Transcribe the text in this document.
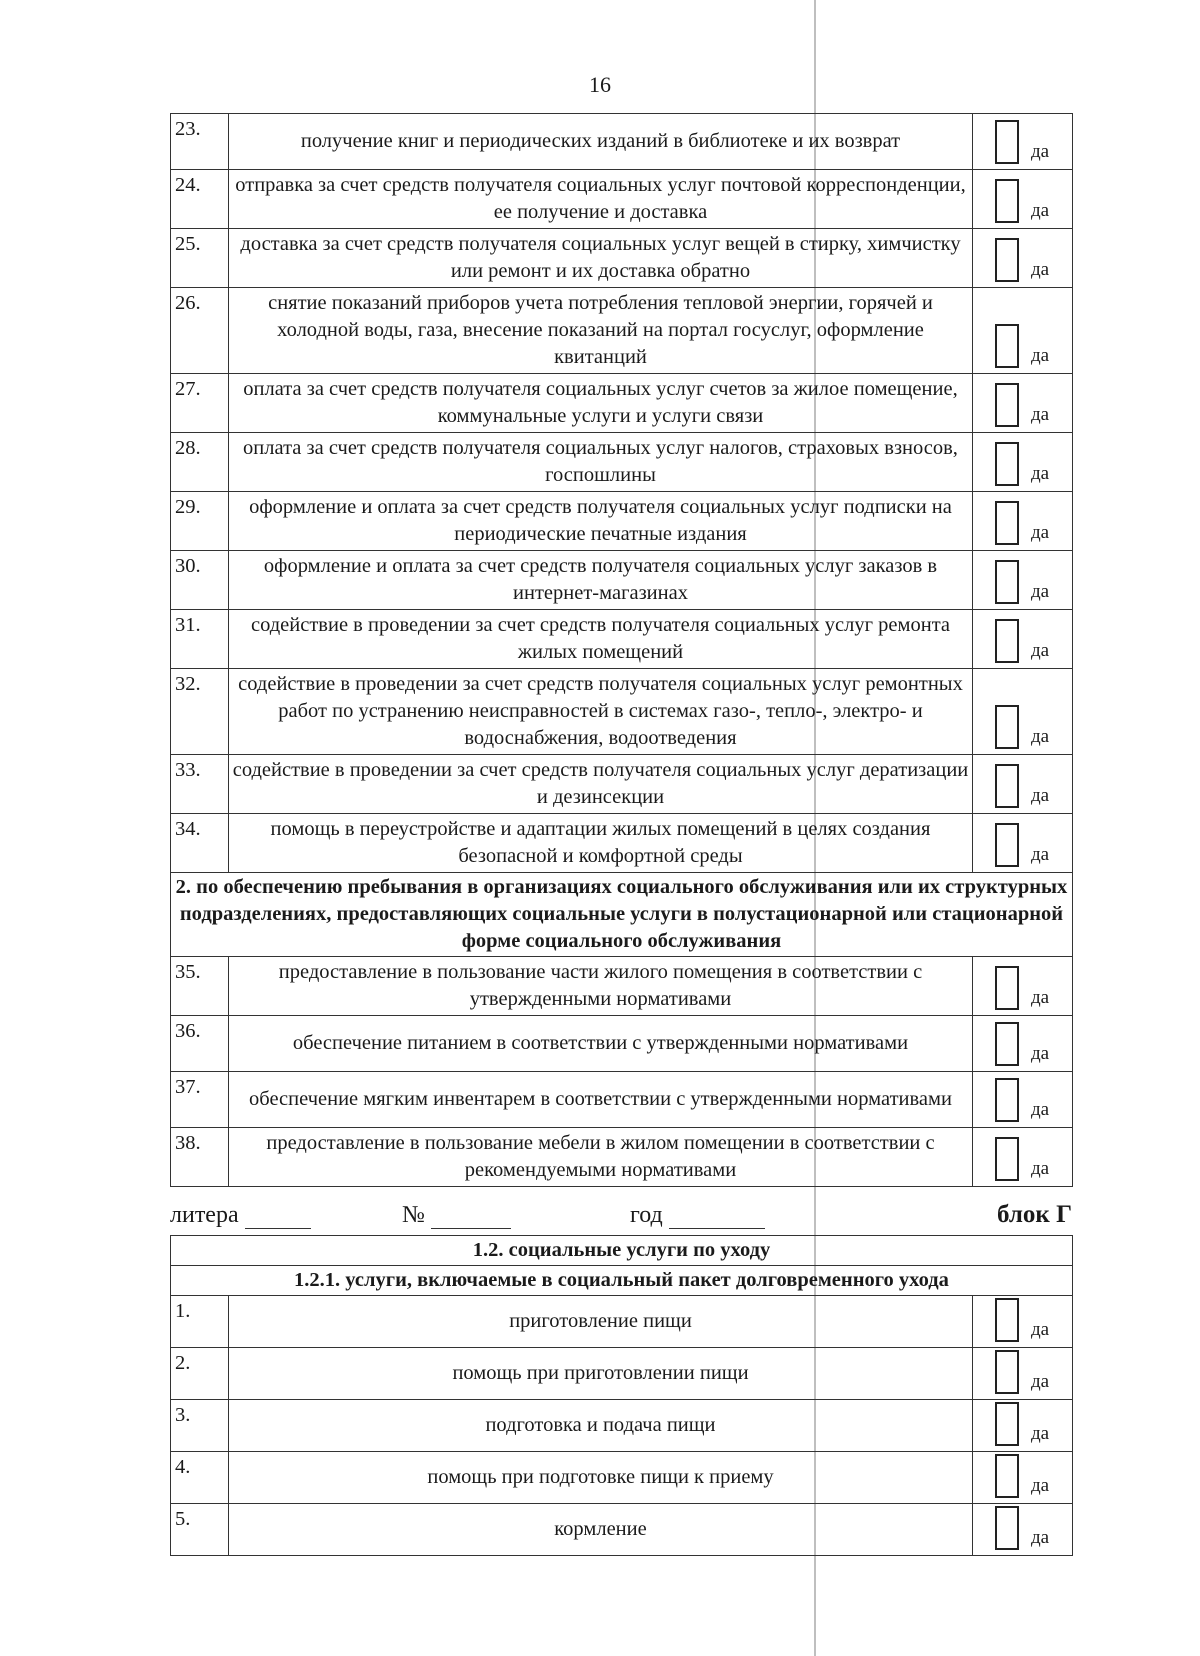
16
23.	получение книг и периодических изданий в библиотеке и их возврат	да

24.	отправка за счет средств получателя социальных услуг почтовой корреспонденции, ее получение и доставка	да

25.	доставка за счет средств получателя социальных услуг вещей в стирку, химчистку или ремонт и их доставка обратно	да

26.	снятие показаний приборов учета потребления тепловой энергии, горячей и холодной воды, газа, внесение показаний на портал госуслуг, оформление квитанций	да

27.	оплата за счет средств получателя социальных услуг счетов за жилое помещение, коммунальные услуги и услуги связи	да

28.	оплата за счет средств получателя социальных услуг налогов, страховых взносов, госпошлины	да

29.	оформление и оплата за счет средств получателя социальных услуг подписки на периодические печатные издания	да

30.	оформление и оплата за счет средств получателя социальных услуг заказов в интернет-магазинах	да

31.	содействие в проведении за счет средств получателя социальных услуг ремонта жилых помещений	да

32.	содействие в проведении за счет средств получателя социальных услуг ремонтных работ по устранению неисправностей в системах газо-, тепло-, электро- и водоснабжения, водоотведения	да

33.	содействие в проведении за счет средств получателя социальных услуг дератизации и дезинсекции	да

34.	помощь в переустройстве и адаптации жилых помещений в целях создания безопасной и комфортной среды	да

2. по обеспечению пребывания в организациях социального обслуживания или их структурных подразделениях, предоставляющих социальные услуги в полустационарной или стационарной форме социального обслуживания		
35.	предоставление в пользование части жилого помещения в соответствии с утвержденными нормативами	да

36.	обеспечение питанием в соответствии с утвержденными нормативами	да

37.	обеспечение мягким инвентарем в соответствии с утвержденными нормативами	да

38.	предоставление в пользование мебели в жилом помещении в соответствии с рекомендуемыми нормативами	да
литера	№	год	блок Г
1.2. социальные услуги по уходу		
1.2.1. услуги, включаемые в социальный пакет долговременного ухода		
1.	приготовление пищи	да

2.	помощь при приготовлении пищи	да

3.	подготовка и подача пищи	да

4.	помощь при подготовке пищи к приему	да

5.	кормление	да
